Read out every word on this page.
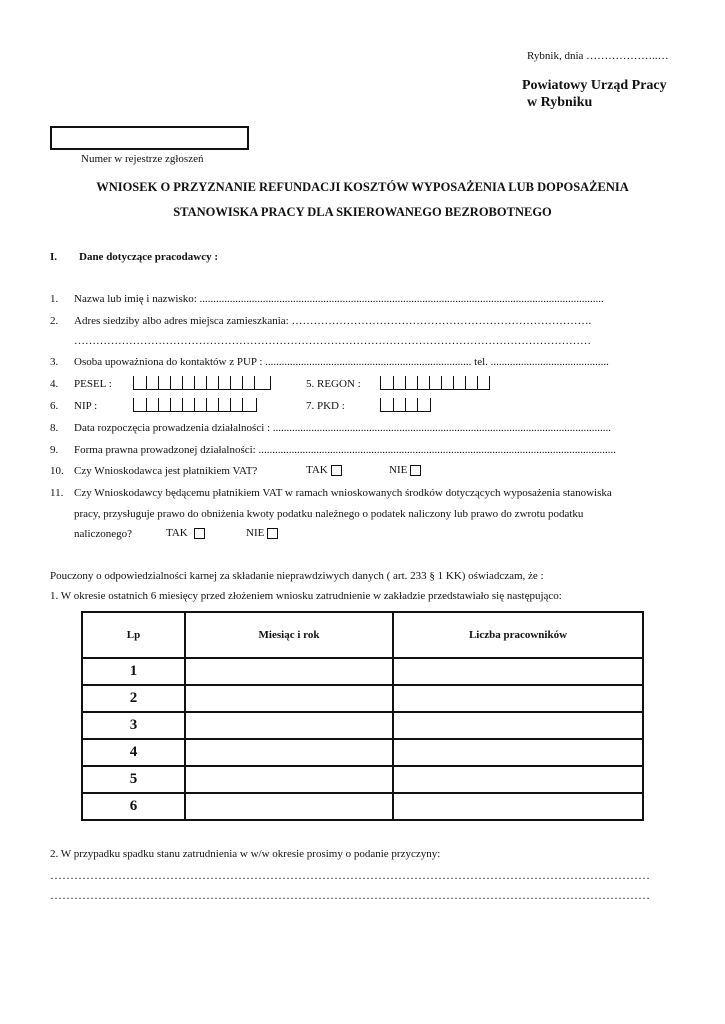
Rybnik, dnia ………………..…
Powiatowy Urząd Pracy
w Rybniku
Numer w rejestrze zgłoszeń
WNIOSEK O PRZYZNANIE REFUNDACJI KOSZTÓW WYPOSAŻENIA LUB DOPOSAŻENIA
STANOWISKA PRACY DLA SKIEROWANEGO BEZROBOTNEGO
I. Dane dotyczące pracodawcy :
1. Nazwa lub imię i nazwisko: ...................................................................................................................................................
2. Adres siedziby albo adres miejsca zamieszkania: ……………………………………………………………………….
……………………………………………………………………………………………………………………………
3. Osoba upoważniona do kontaktów z PUP : ........................................................................... tel. ...........................................
4. PESEL :	5. REGON :
6. NIP :	7. PKD :
8. Data rozpoczęcia prowadzenia działalności : ...........................................................................................................................
9. Forma prawna prowadzonej działalności: ..................................................................................................................................
10. Czy Wnioskodawca jest płatnikiem VAT?	TAK	NIE
11. Czy Wnioskodawcy będącemu płatnikiem VAT w ramach wnioskowanych środków dotyczących wyposażenia stanowiska
pracy, przysługuje prawo do obniżenia kwoty podatku należnego o podatek naliczony lub prawo do zwrotu podatku
naliczonego?	TAK	NIE
Pouczony o odpowiedzialności karnej za składanie nieprawdziwych danych ( art. 233 § 1 KK) oświadczam, że :
1. W okresie ostatnich 6 miesięcy przed złożeniem wniosku zatrudnienie w zakładzie przedstawiało się następująco:
Lp	Miesiąc i rok	Liczba pracowników
1		
2		
3		
4		
5		
6		
2. W przypadku spadku stanu zatrudnienia w w/w okresie prosimy o podanie przyczyny:
……………………………………………………………………………………………………………………………………
……………………………………………………………………………………………………………………………………
